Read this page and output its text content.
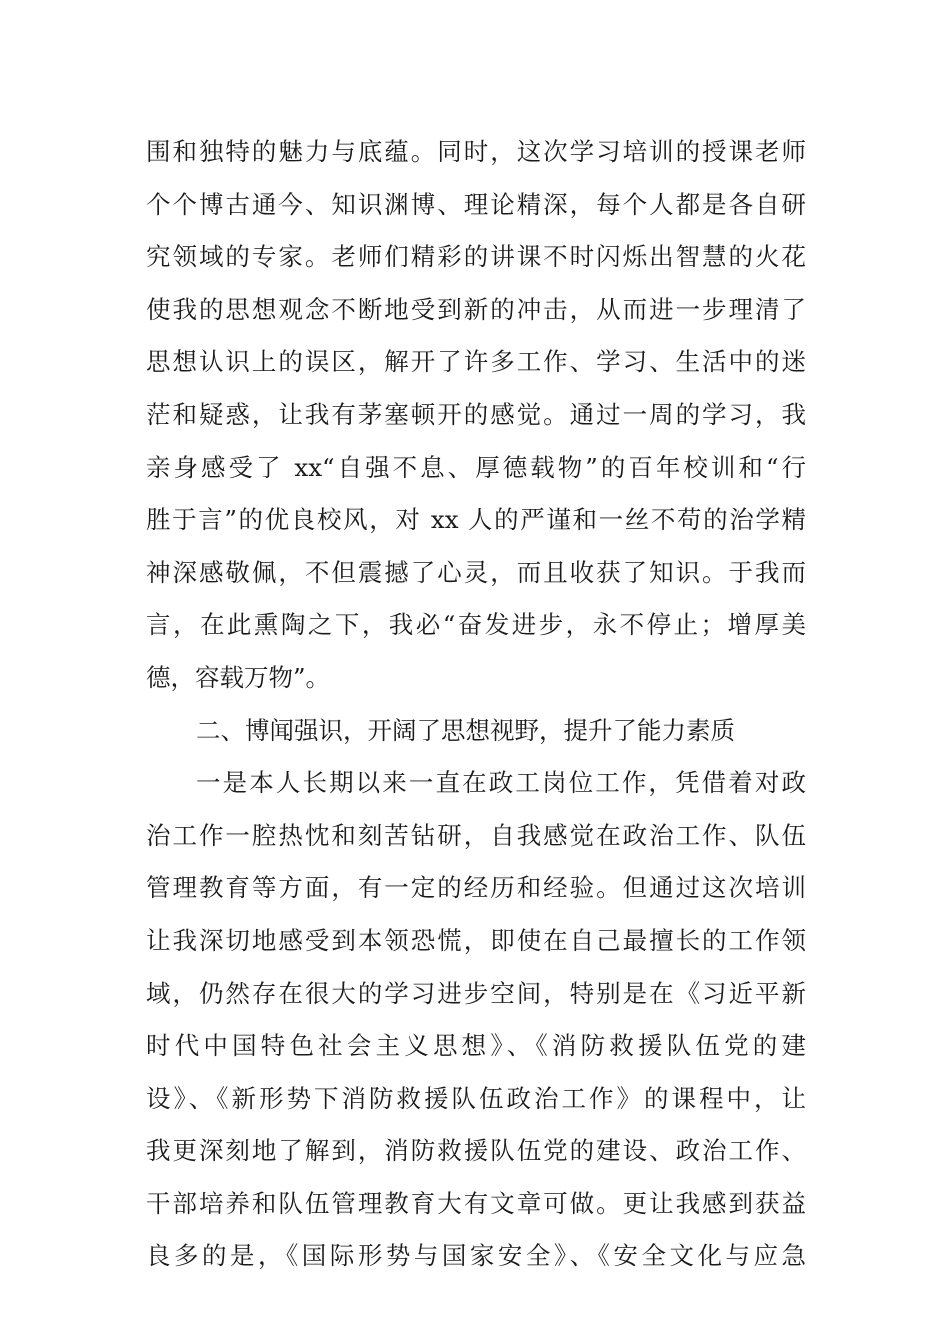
围和独特的魅力与底蕴。同时，这次学习培训的授课老师
个个博古通今、知识渊博、理论精深，每个人都是各自研
究领域的专家。老师们精彩的讲课不时闪烁出智慧的火花
使我的思想观念不断地受到新的冲击，从而进一步理清了
思想认识上的误区，解开了许多工作、学习、生活中的迷
茫和疑惑，让我有茅塞顿开的感觉。通过一周的学习，我
亲身感受了 xx“自强不息、厚德载物”的百年校训和“行
胜于言”的优良校风，对 xx 人的严谨和一丝不苟的治学精
神深感敬佩，不但震撼了心灵，而且收获了知识。于我而
言，在此熏陶之下，我必“奋发进步，永不停止；增厚美
德，容载万物”。
二、博闻强识，开阔了思想视野，提升了能力素质
一是本人长期以来一直在政工岗位工作，凭借着对政
治工作一腔热忱和刻苦钻研，自我感觉在政治工作、队伍
管理教育等方面，有一定的经历和经验。但通过这次培训
让我深切地感受到本领恐慌，即使在自己最擅长的工作领
域，仍然存在很大的学习进步空间，特别是在《习近平新
时代中国特色社会主义思想》、《消防救援队伍党的建
设》、《新形势下消防救援队伍政治工作》的课程中，让
我更深刻地了解到，消防救援队伍党的建设、政治工作、
干部培养和队伍管理教育大有文章可做。更让我感到获益
良多的是，《国际形势与国家安全》、《安全文化与应急
